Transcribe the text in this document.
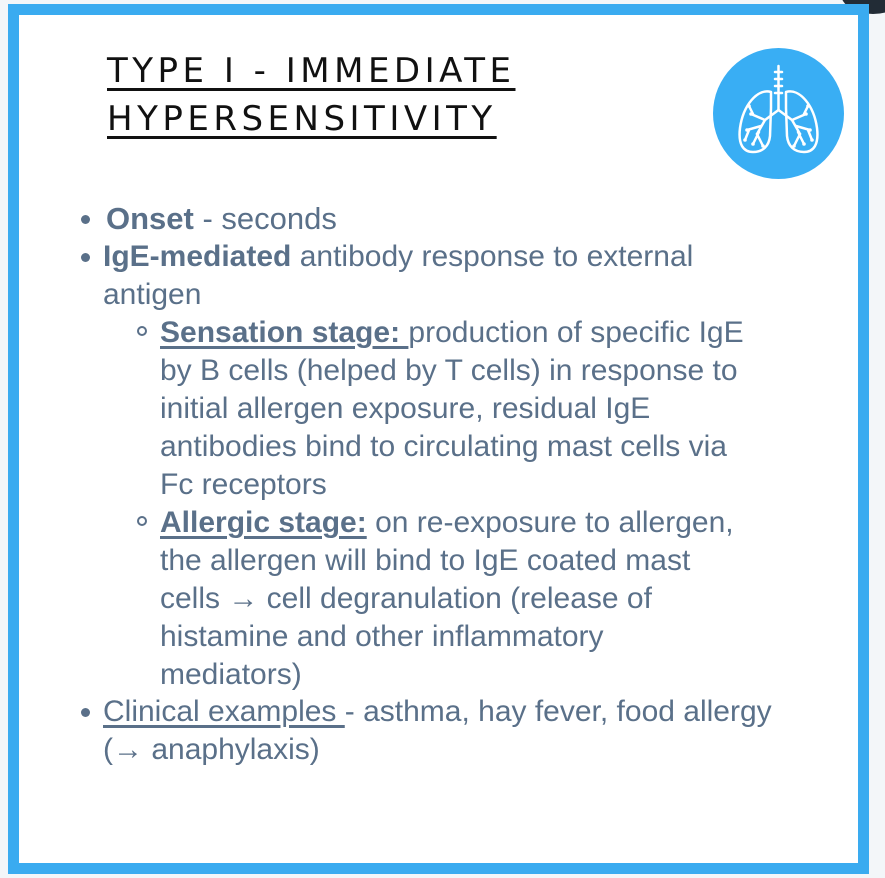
TYPE I - IMMEDIATE
HYPERSENSITIVITY
Onset - seconds
IgE-mediated antibody response to external
antigen
Sensation stage: production of specific IgE
by B cells (helped by T cells) in response to
initial allergen exposure, residual IgE
antibodies bind to circulating mast cells via
Fc receptors
Allergic stage: on re-exposure to allergen,
the allergen will bind to IgE coated mast
cells → cell degranulation (release of
histamine and other inflammatory
mediators)
Clinical examples - asthma, hay fever, food allergy
(→ anaphylaxis)
